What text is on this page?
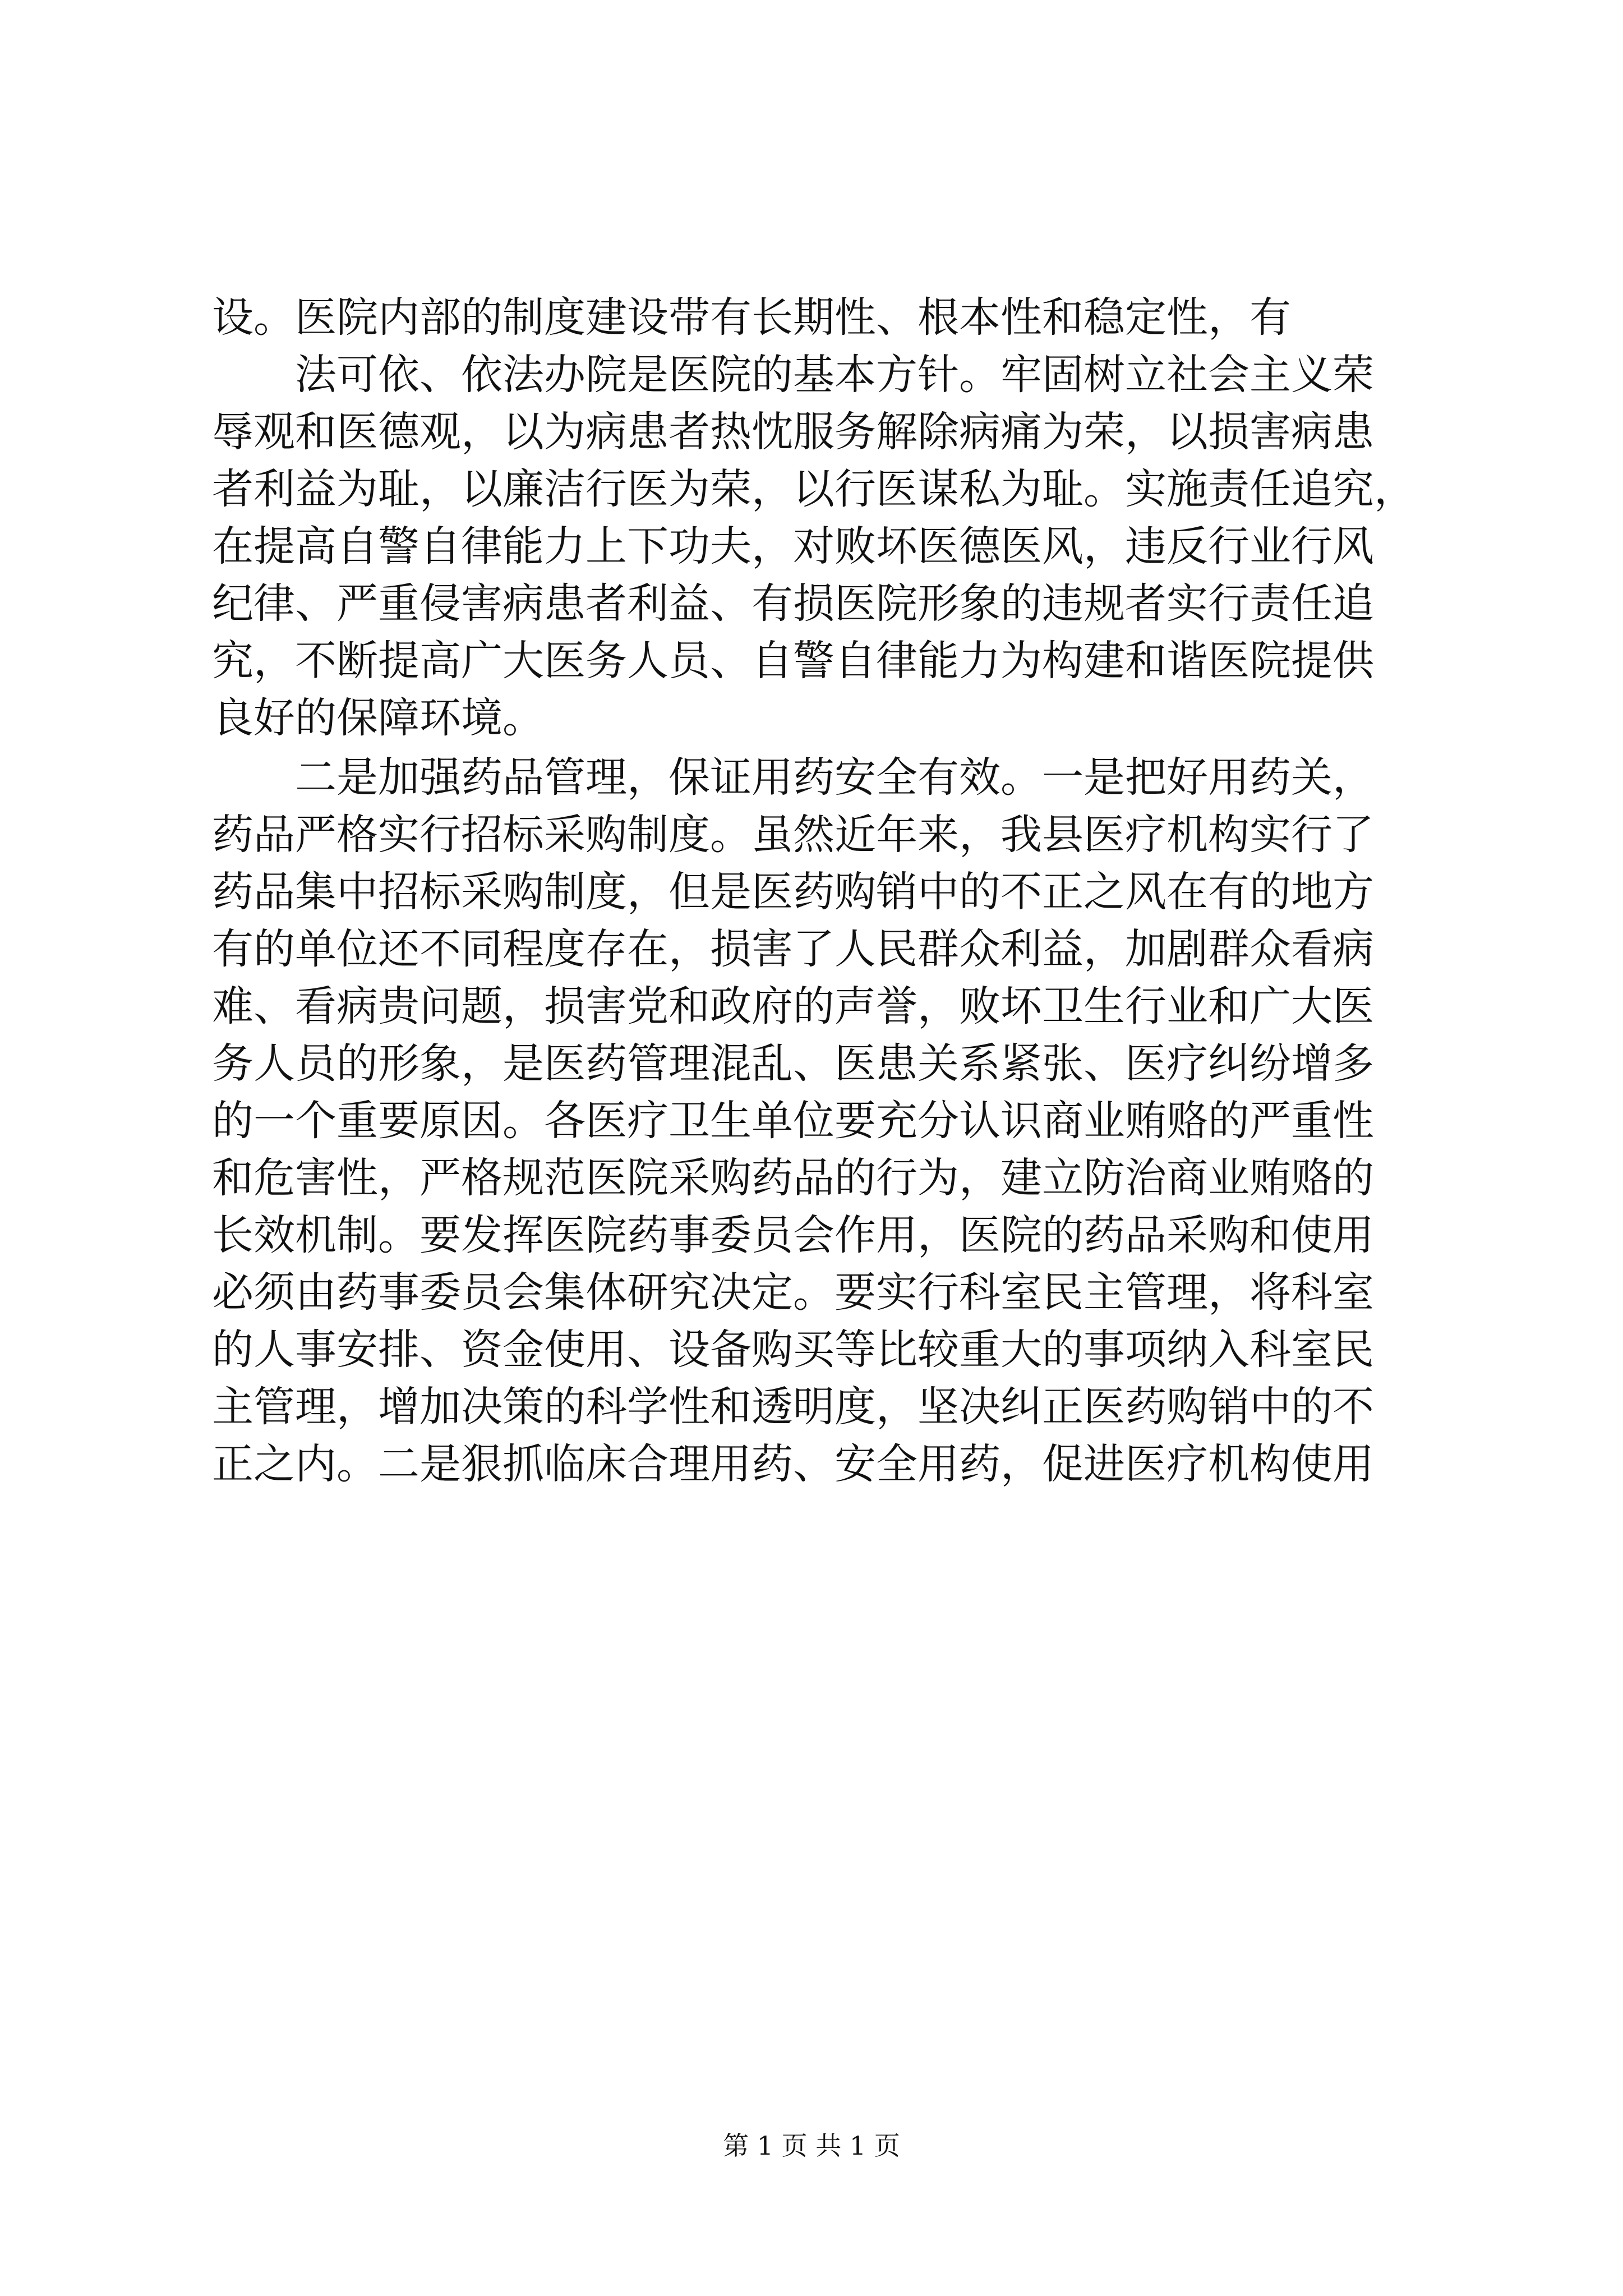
设。医院内部的制度建设带有长期性、根本性和稳定性，有
法可依、依法办院是医院的基本方针。牢固树立社会主义荣
辱观和医德观，以为病患者热忱服务解除病痛为荣，以损害病患
者利益为耻，以廉洁行医为荣，以行医谋私为耻。实施责任追究，
在提高自警自律能力上下功夫，对败坏医德医风，违反行业行风
纪律、严重侵害病患者利益、有损医院形象的违规者实行责任追
究，不断提高广大医务人员、自警自律能力为构建和谐医院提供
良好的保障环境。
二是加强药品管理，保证用药安全有效。一是把好用药关，
药品严格实行招标采购制度。虽然近年来，我县医疗机构实行了
药品集中招标采购制度，但是医药购销中的不正之风在有的地方
有的单位还不同程度存在，损害了人民群众利益，加剧群众看病
难、看病贵问题，损害党和政府的声誉，败坏卫生行业和广大医
务人员的形象，是医药管理混乱、医患关系紧张、医疗纠纷增多
的一个重要原因。各医疗卫生单位要充分认识商业贿赂的严重性
和危害性，严格规范医院采购药品的行为，建立防治商业贿赂的
长效机制。要发挥医院药事委员会作用，医院的药品采购和使用
必须由药事委员会集体研究决定。要实行科室民主管理，将科室
的人事安排、资金使用、设备购买等比较重大的事项纳入科室民
主管理，增加决策的科学性和透明度，坚决纠正医药购销中的不
正之内。二是狠抓临床合理用药、安全用药，促进医疗机构使用
第 1 页 共 1 页
